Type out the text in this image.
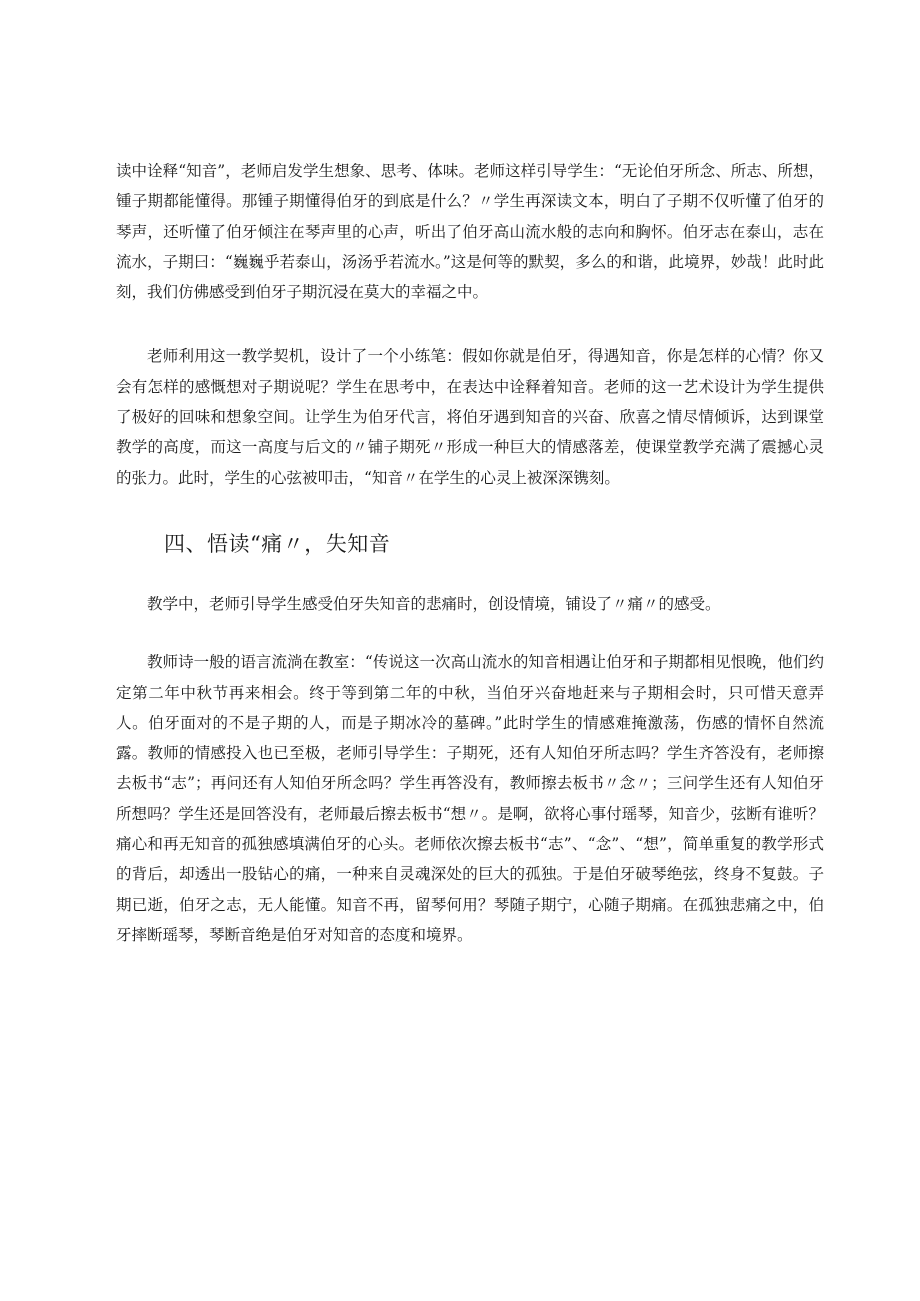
读中诠释“知音”，老师启发学生想象、思考、体味。老师这样引导学生：“无论伯牙所念、所志、所想，锺子期都能懂得。那锺子期懂得伯牙的到底是什么？〃学生再深读文本，明白了子期不仅听懂了伯牙的琴声，还听懂了伯牙倾注在琴声里的心声，听出了伯牙高山流水般的志向和胸怀。伯牙志在泰山，志在流水，子期曰：“巍巍乎若泰山，汤汤乎若流水。”这是何等的默契，多么的和谐，此境界，妙哉！此时此刻，我们仿佛感受到伯牙子期沉浸在莫大的幸福之中。

老师利用这一教学契机，设计了一个小练笔：假如你就是伯牙，得遇知音，你是怎样的心情？你又会有怎样的感慨想对子期说呢？学生在思考中，在表达中诠释着知音。老师的这一艺术设计为学生提供了极好的回味和想象空间。让学生为伯牙代言，将伯牙遇到知音的兴奋、欣喜之情尽情倾诉，达到课堂教学的高度，而这一高度与后文的〃铺子期死〃形成一种巨大的情感落差，使课堂教学充满了震撼心灵的张力。此时，学生的心弦被叩击，“知音〃在学生的心灵上被深深镌刻。

四、悟读“痛〃，失知音

教学中，老师引导学生感受伯牙失知音的悲痛时，创设情境，铺设了〃痛〃的感受。

教师诗一般的语言流淌在教室：“传说这一次高山流水的知音相遇让伯牙和子期都相见恨晚，他们约定第二年中秋节再来相会。终于等到第二年的中秋，当伯牙兴奋地赶来与子期相会时，只可惜天意弄人。伯牙面对的不是子期的人，而是子期冰冷的墓碑。”此时学生的情感难掩激荡，伤感的情怀自然流露。教师的情感投入也已至极，老师引导学生：子期死，还有人知伯牙所志吗？学生齐答没有，老师擦去板书“志”；再问还有人知伯牙所念吗？学生再答没有，教师擦去板书〃念〃；三问学生还有人知伯牙所想吗？学生还是回答没有，老师最后擦去板书“想〃。是啊，欲将心事付瑶琴，知音少，弦断有谁听？痛心和再无知音的孤独感填满伯牙的心头。老师依次擦去板书“志”、“念”、“想”，简单重复的教学形式的背后，却透出一股钻心的痛，一种来自灵魂深处的巨大的孤独。于是伯牙破琴绝弦，终身不复鼓。子期已逝，伯牙之志，无人能懂。知音不再，留琴何用？琴随子期宁，心随子期痛。在孤独悲痛之中，伯牙摔断瑶琴，琴断音绝是伯牙对知音的态度和境界。
